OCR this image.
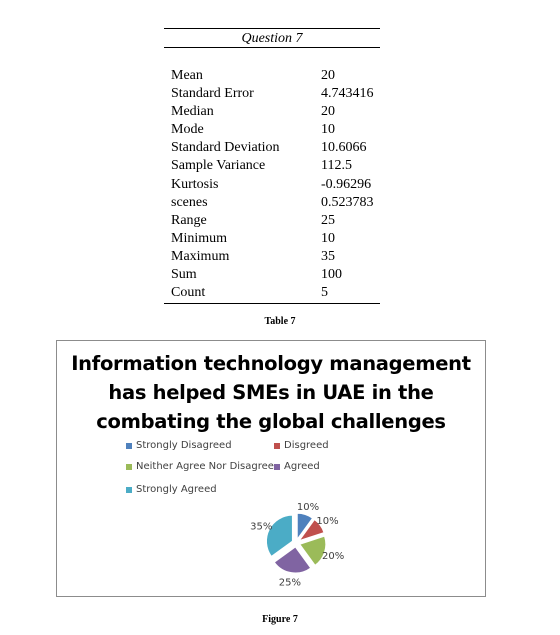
Question 7
Mean	20
Standard Error	4.743416
Median	20
Mode	10
Standard Deviation	10.6066
Sample Variance	112.5
Kurtosis	-0.96296
scenes	0.523783
Range	25
Minimum	10
Maximum	35
Sum	100
Count	5
Table 7
Information technology management
has helped SMEs in UAE in the
combating the global challenges
Strongly Disagreed	Disgreed
Neither Agree Nor Disagree Agreed
Strongly Agreed
10%
10%
20%
25%
35%
Figure 7
